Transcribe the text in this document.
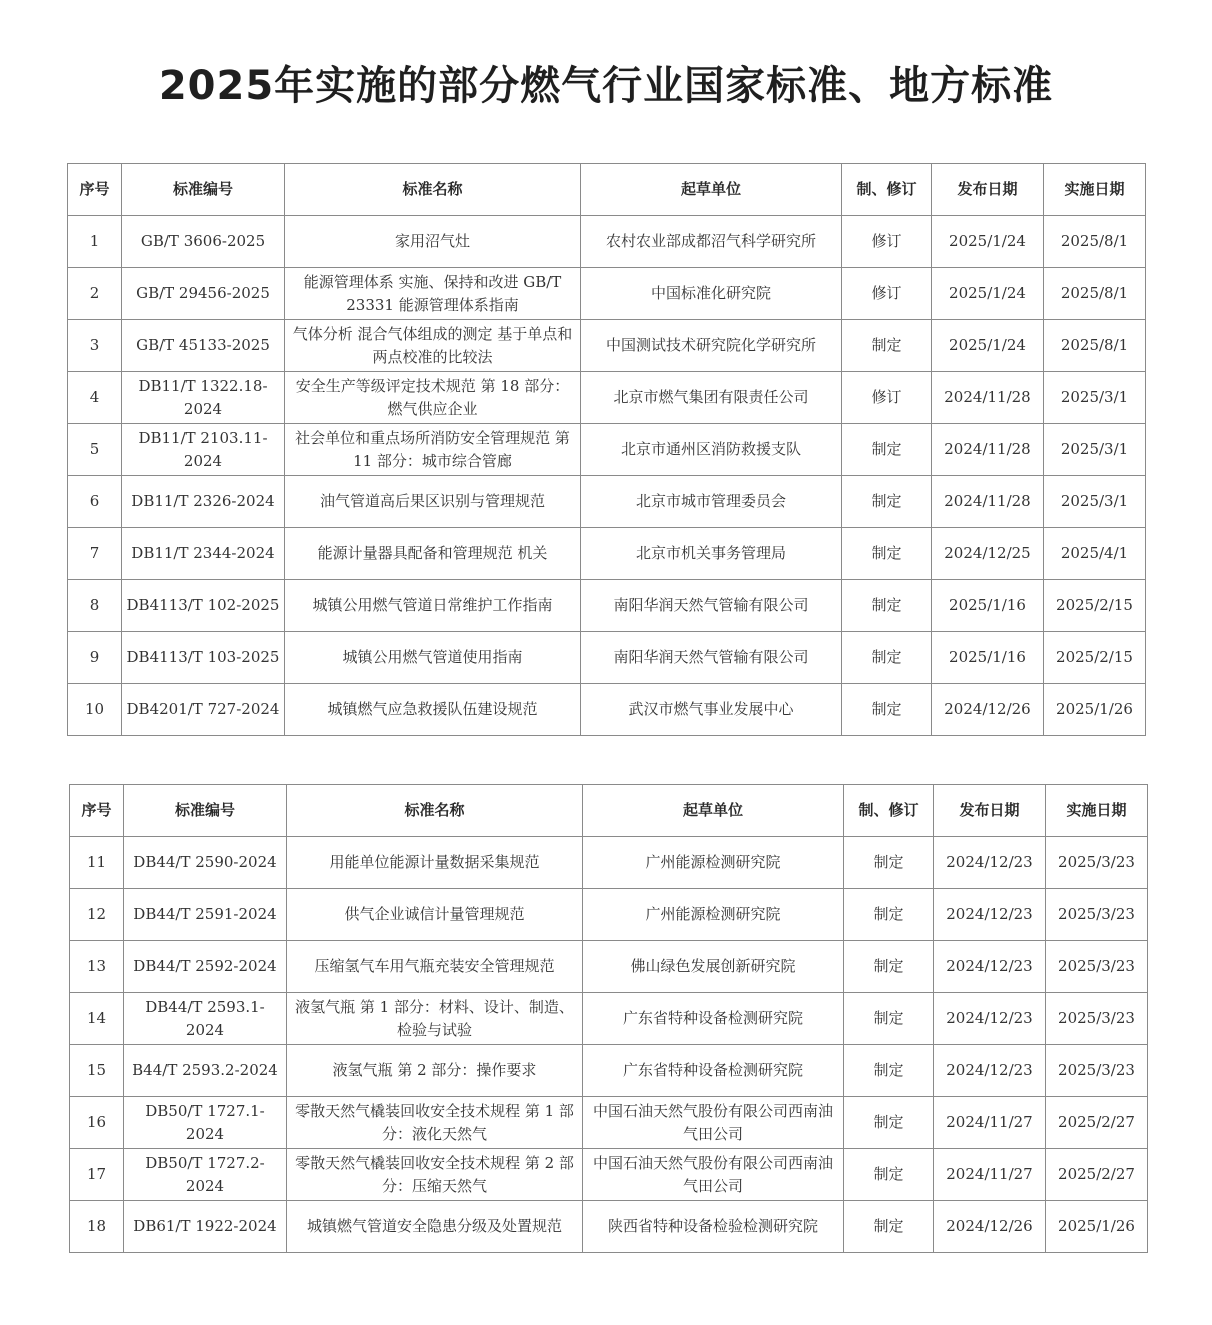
2025年实施的部分燃气行业国家标准、地方标准
序号	标准编号	标准名称	起草单位	制、修订	发布日期	实施日期
1	GB/T 3606-2025	家用沼气灶	农村农业部成都沼气科学研究所	修订	2025/1/24	2025/8/1
2	GB/T 29456-2025	能源管理体系 实施、保持和改进 GB/T 23331 能源管理体系指南	中国标准化研究院	修订	2025/1/24	2025/8/1
3	GB/T 45133-2025	气体分析 混合气体组成的测定 基于单点和两点校准的比较法	中国测试技术研究院化学研究所	制定	2025/1/24	2025/8/1
4	DB11/T 1322.18-2024	安全生产等级评定技术规范 第 18 部分：燃气供应企业	北京市燃气集团有限责任公司	修订	2024/11/28	2025/3/1
5	DB11/T 2103.11-2024	社会单位和重点场所消防安全管理规范 第 11 部分：城市综合管廊	北京市通州区消防救援支队	制定	2024/11/28	2025/3/1
6	DB11/T 2326-2024	油气管道高后果区识别与管理规范	北京市城市管理委员会	制定	2024/11/28	2025/3/1
7	DB11/T 2344-2024	能源计量器具配备和管理规范 机关	北京市机关事务管理局	制定	2024/12/25	2025/4/1
8	DB4113/T 102-2025	城镇公用燃气管道日常维护工作指南	南阳华润天然气管输有限公司	制定	2025/1/16	2025/2/15
9	DB4113/T 103-2025	城镇公用燃气管道使用指南	南阳华润天然气管输有限公司	制定	2025/1/16	2025/2/15
10	DB4201/T 727-2024	城镇燃气应急救援队伍建设规范	武汉市燃气事业发展中心	制定	2024/12/26	2025/1/26
序号	标准编号	标准名称	起草单位	制、修订	发布日期	实施日期
11	DB44/T 2590-2024	用能单位能源计量数据采集规范	广州能源检测研究院	制定	2024/12/23	2025/3/23
12	DB44/T 2591-2024	供气企业诚信计量管理规范	广州能源检测研究院	制定	2024/12/23	2025/3/23
13	DB44/T 2592-2024	压缩氢气车用气瓶充装安全管理规范	佛山绿色发展创新研究院	制定	2024/12/23	2025/3/23
14	DB44/T 2593.1-2024	液氢气瓶 第 1 部分：材料、设计、制造、检验与试验	广东省特种设备检测研究院	制定	2024/12/23	2025/3/23
15	B44/T 2593.2-2024	液氢气瓶 第 2 部分：操作要求	广东省特种设备检测研究院	制定	2024/12/23	2025/3/23
16	DB50/T 1727.1-2024	零散天然气橇装回收安全技术规程 第 1 部分：液化天然气	中国石油天然气股份有限公司西南油气田公司	制定	2024/11/27	2025/2/27
17	DB50/T 1727.2-2024	零散天然气橇装回收安全技术规程 第 2 部分：压缩天然气	中国石油天然气股份有限公司西南油气田公司	制定	2024/11/27	2025/2/27
18	DB61/T 1922-2024	城镇燃气管道安全隐患分级及处置规范	陕西省特种设备检验检测研究院	制定	2024/12/26	2025/1/26
